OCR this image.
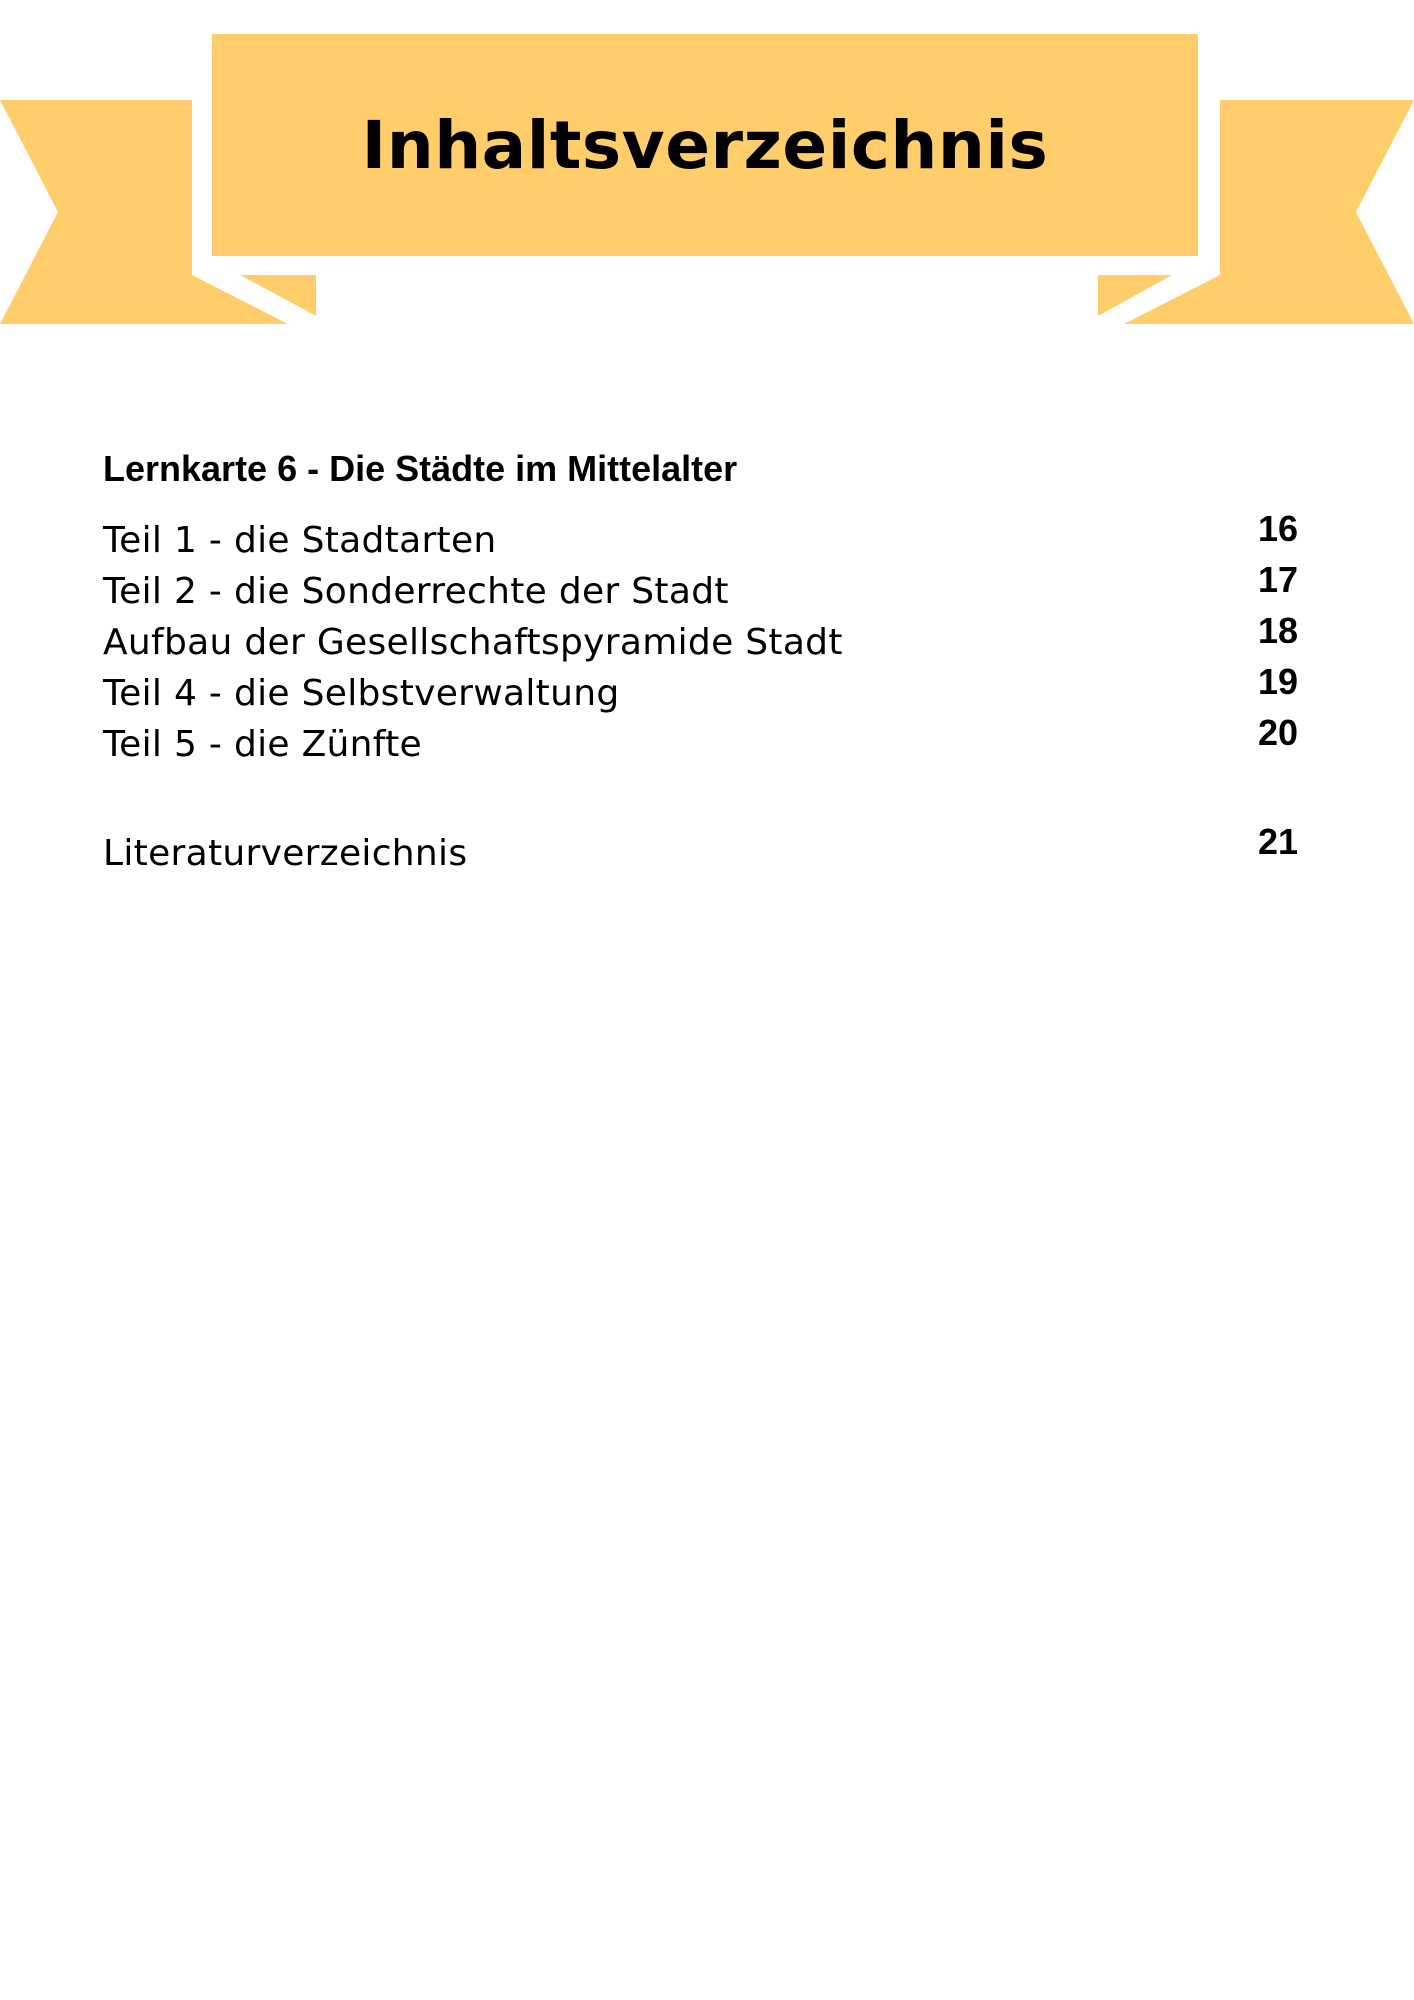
Inhaltsverzeichnis
Lernkarte 6 - Die Städte im Mittelalter
Teil 1 - die Stadtarten	16
Teil 2 - die Sonderrechte der Stadt	17
Aufbau der Gesellschaftspyramide Stadt	18
Teil 4 - die Selbstverwaltung	19
Teil 5 - die Zünfte	20
Literaturverzeichnis	21
